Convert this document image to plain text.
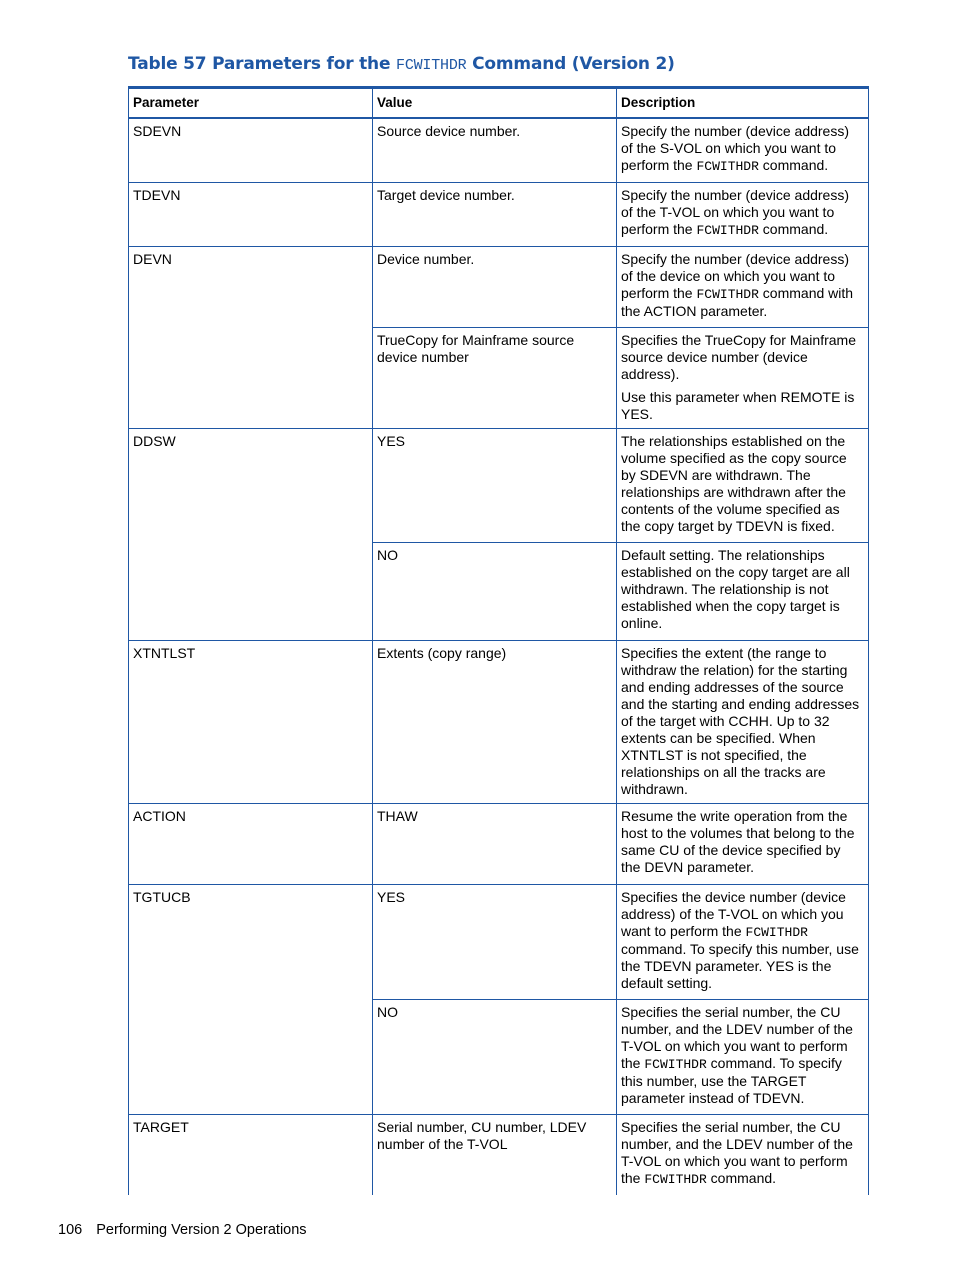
Table 57 Parameters for the FCWITHDR Command (Version 2)
Parameter	Value	Description
SDEVN	Source device number.	Specify the number (device address) of the S-VOL on which you want to perform the FCWITHDR command.
TDEVN	Target device number.	Specify the number (device address) of the T-VOL on which you want to perform the FCWITHDR command.
DEVN	Device number.	Specify the number (device address) of the device on which you want to perform the FCWITHDR command with the ACTION parameter.
	TrueCopy for Mainframe source device number	Specifies the TrueCopy for Mainframe source device number (device address).

Use this parameter when REMOTE is YES.

DDSW	YES	The relationships established on the volume specified as the copy source by SDEVN are withdrawn. The relationships are withdrawn after the contents of the volume specified as the copy target by TDEVN is fixed.
	NO	Default setting. The relationships established on the copy target are all withdrawn. The relationship is not established when the copy target is online.
XTNTLST	Extents (copy range)	Specifies the extent (the range to withdraw the relation) for the starting and ending addresses of the source and the starting and ending addresses of the target with CCHH. Up to 32 extents can be specified. When XTNTLST is not specified, the relationships on all the tracks are withdrawn.
ACTION	THAW	Resume the write operation from the host to the volumes that belong to the same CU of the device specified by the DEVN parameter.
TGTUCB	YES	Specifies the device number (device address) of the T-VOL on which you want to perform the FCWITHDR command. To specify this number, use the TDEVN parameter. YES is the default setting.
	NO	Specifies the serial number, the CU number, and the LDEV number of the T-VOL on which you want to perform the FCWITHDR command. To specify this number, use the TARGET parameter instead of TDEVN.
TARGET	Serial number, CU number, LDEV number of the T-VOL	Specifies the serial number, the CU number, and the LDEV number of the T-VOL on which you want to perform the FCWITHDR command.
106 Performing Version 2 Operations
